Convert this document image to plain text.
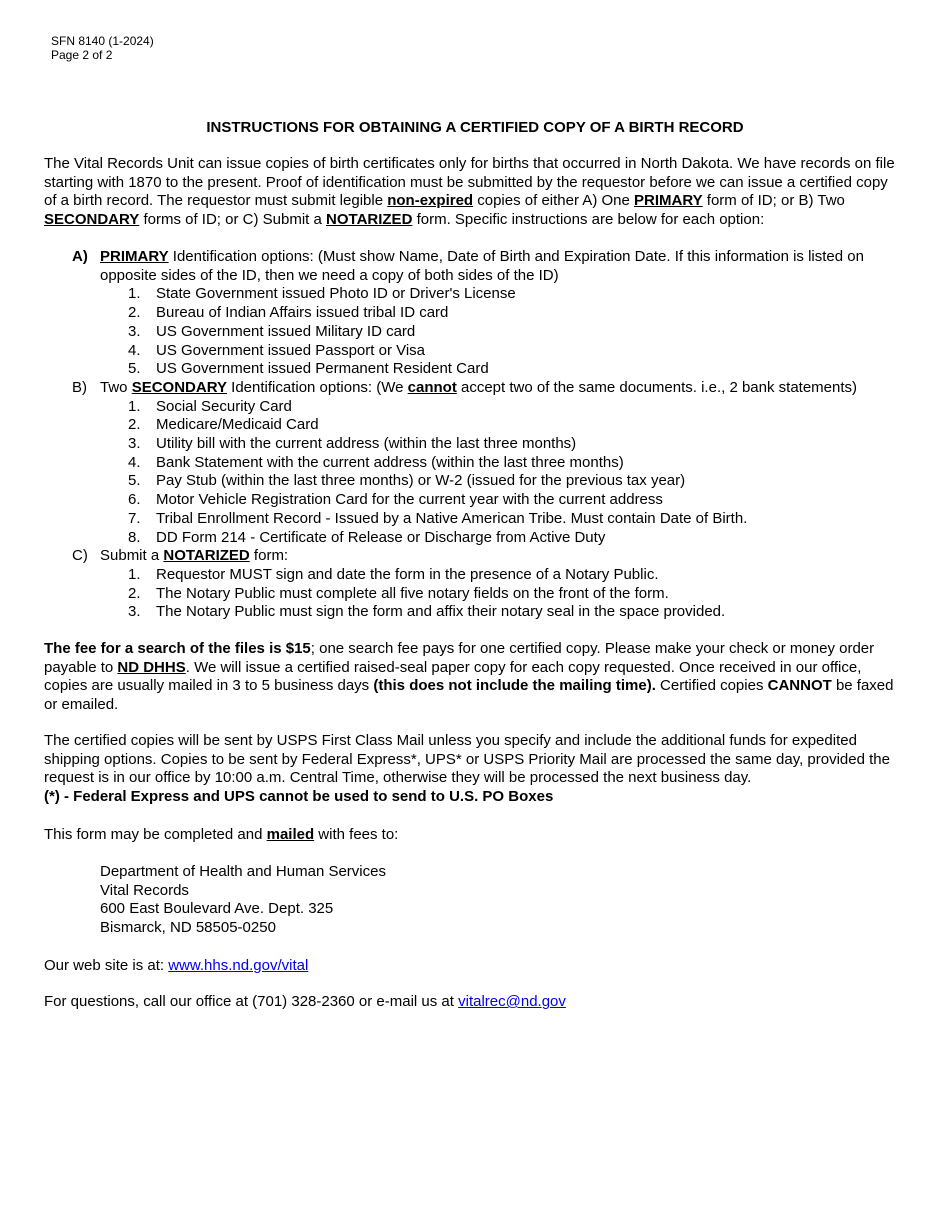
SFN 8140 (1-2024)
Page 2 of 2
INSTRUCTIONS FOR OBTAINING A CERTIFIED COPY OF A BIRTH RECORD
The Vital Records Unit can issue copies of birth certificates only for births that occurred in North Dakota. We have records on file starting with 1870 to the present. Proof of identification must be submitted by the requestor before we can issue a certified copy of a birth record. The requestor must submit legible non-expired copies of either A) One PRIMARY form of ID; or B) Two SECONDARY forms of ID; or C) Submit a NOTARIZED form. Specific instructions are below for each option:
A) PRIMARY Identification options: (Must show Name, Date of Birth and Expiration Date. If this information is listed on opposite sides of the ID, then we need a copy of both sides of the ID)
1.	State Government issued Photo ID or Driver's License
2.	Bureau of Indian Affairs issued tribal ID card
3.	US Government issued Military ID card
4.	US Government issued Passport or Visa
5.	US Government issued Permanent Resident Card
B) Two SECONDARY Identification options: (We cannot accept two of the same documents. i.e., 2 bank statements)
1.	Social Security Card
2.	Medicare/Medicaid Card
3.	Utility bill with the current address (within the last three months)
4.	Bank Statement with the current address (within the last three months)
5.	Pay Stub (within the last three months) or W-2 (issued for the previous tax year)
6.	Motor Vehicle Registration Card for the current year with the current address
7.	Tribal Enrollment Record - Issued by a Native American Tribe. Must contain Date of Birth.
8.	DD Form 214 - Certificate of Release or Discharge from Active Duty
C) Submit a NOTARIZED form:
1.	Requestor MUST sign and date the form in the presence of a Notary Public.
2.	The Notary Public must complete all five notary fields on the front of the form.
3.	The Notary Public must sign the form and affix their notary seal in the space provided.
The fee for a search of the files is $15; one search fee pays for one certified copy. Please make your check or money order payable to ND DHHS. We will issue a certified raised-seal paper copy for each copy requested. Once received in our office, copies are usually mailed in 3 to 5 business days (this does not include the mailing time). Certified copies CANNOT be faxed or emailed.
The certified copies will be sent by USPS First Class Mail unless you specify and include the additional funds for expedited shipping options. Copies to be sent by Federal Express*, UPS* or USPS Priority Mail are processed the same day, provided the request is in our office by 10:00 a.m. Central Time, otherwise they will be processed the next business day.
(*) - Federal Express and UPS cannot be used to send to U.S. PO Boxes
This form may be completed and mailed with fees to:
Department of Health and Human Services
Vital Records
600 East Boulevard Ave. Dept. 325
Bismarck, ND 58505-0250
Our web site is at: www.hhs.nd.gov/vital
For questions, call our office at (701) 328-2360 or e-mail us at vitalrec@nd.gov
